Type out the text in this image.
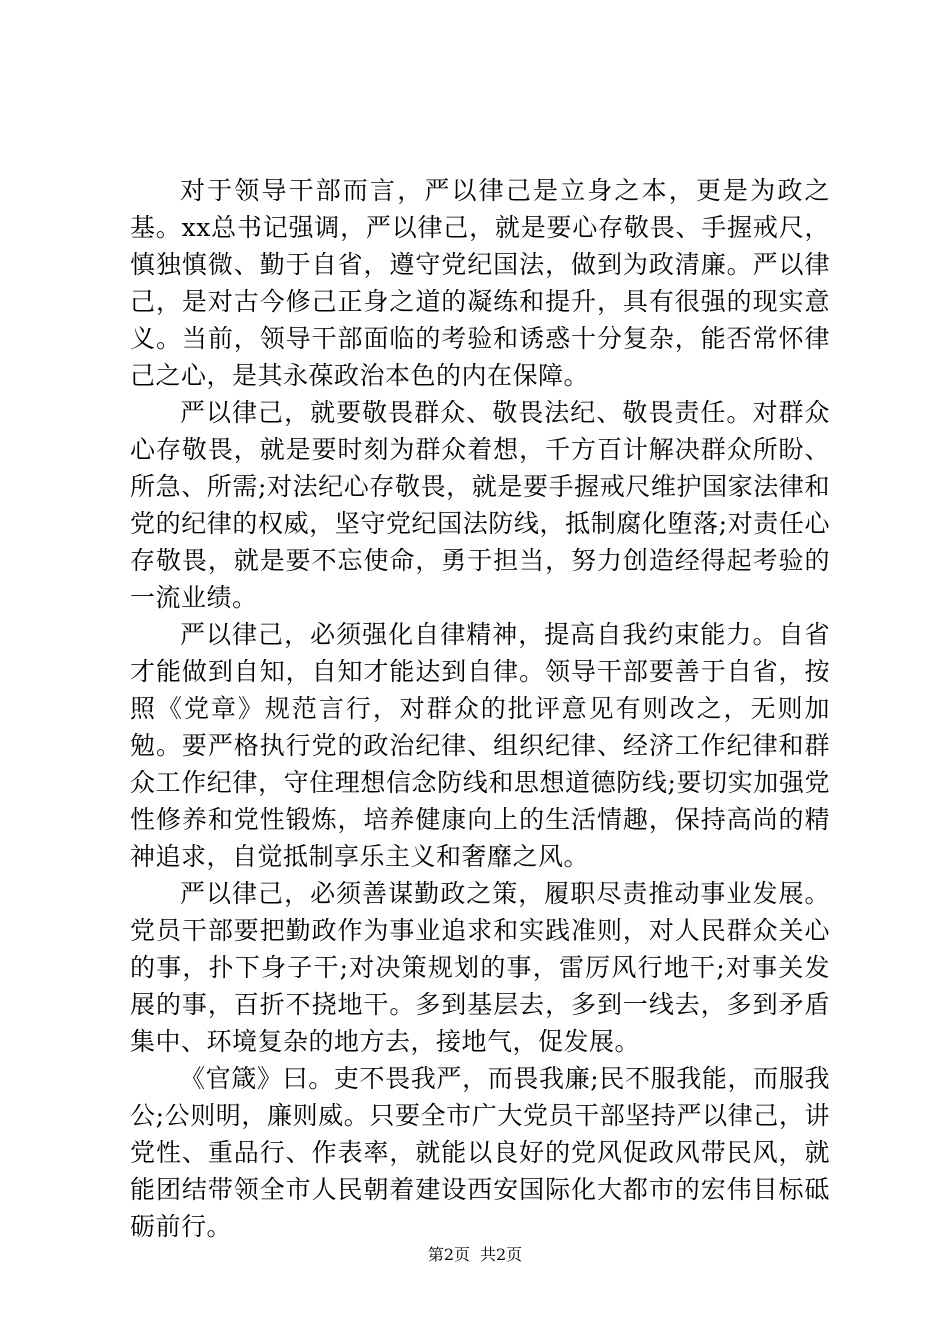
对于领导干部而言，严以律己是立身之本，更是为政之基。xx总书记强调，严以律己，就是要心存敬畏、手握戒尺，慎独慎微、勤于自省，遵守党纪国法，做到为政清廉。严以律己，是对古今修己正身之道的凝练和提升，具有很强的现实意义。当前，领导干部面临的考验和诱惑十分复杂，能否常怀律己之心，是其永葆政治本色的内在保障。

严以律己，就要敬畏群众、敬畏法纪、敬畏责任。对群众心存敬畏，就是要时刻为群众着想，千方百计解决群众所盼、所急、所需;对法纪心存敬畏，就是要手握戒尺维护国家法律和党的纪律的权威，坚守党纪国法防线，抵制腐化堕落;对责任心存敬畏，就是要不忘使命，勇于担当，努力创造经得起考验的一流业绩。

严以律己，必须强化自律精神，提高自我约束能力。自省才能做到自知，自知才能达到自律。领导干部要善于自省，按照《党章》规范言行，对群众的批评意见有则改之，无则加勉。要严格执行党的政治纪律、组织纪律、经济工作纪律和群众工作纪律，守住理想信念防线和思想道德防线;要切实加强党性修养和党性锻炼，培养健康向上的生活情趣，保持高尚的精神追求，自觉抵制享乐主义和奢靡之风。

严以律己，必须善谋勤政之策，履职尽责推动事业发展。党员干部要把勤政作为事业追求和实践准则，对人民群众关心的事，扑下身子干;对决策规划的事，雷厉风行地干;对事关发展的事，百折不挠地干。多到基层去，多到一线去，多到矛盾集中、环境复杂的地方去，接地气，促发展。

《官箴》曰。吏不畏我严，而畏我廉;民不服我能，而服我公;公则明，廉则威。只要全市广大党员干部坚持严以律己，讲党性、重品行、作表率，就能以良好的党风促政风带民风，就能团结带领全市人民朝着建设西安国际化大都市的宏伟目标砥砺前行。

第2页 共2页
